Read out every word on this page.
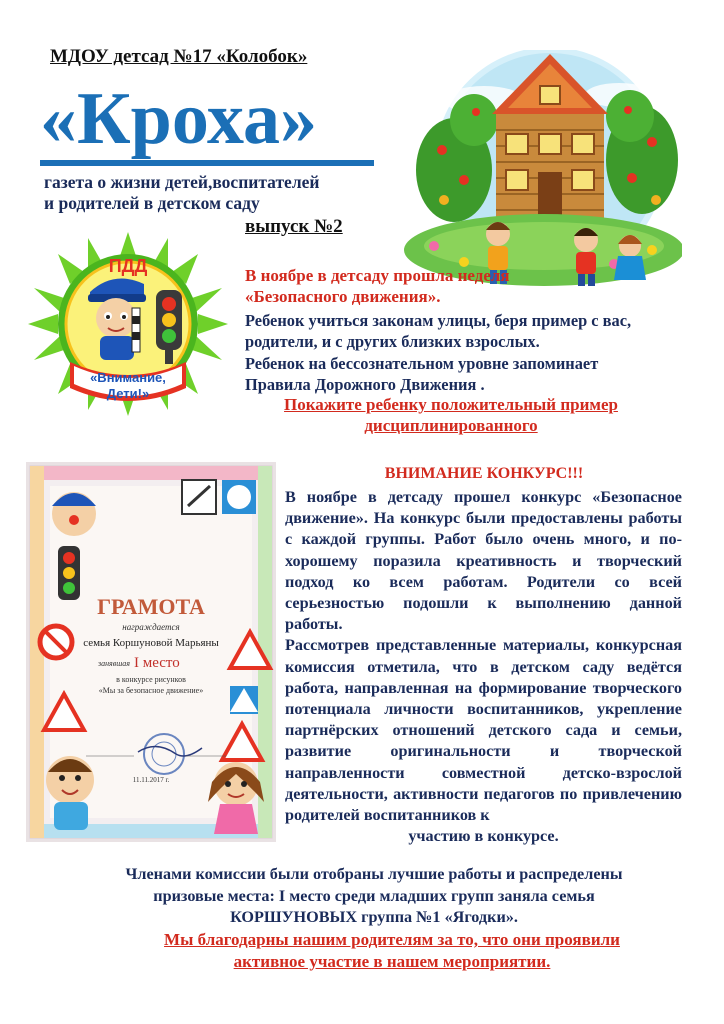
МДОУ детсад №17 «Колобок»
«Кроха»
газета о жизни детей,воспитателей
и родителей в детском саду
выпуск №2
ПДД
«Внимание,
Дети!»
В ноябре в детсаду прошла неделя
«Безопасного движения».
Ребенок учиться законам улицы, беря пример с вас,
родители, и с других близких взрослых.
Ребенок на бессознательном уровне запоминает
Правила Дорожного Движения .
Покажите ребенку положительный пример
дисциплинированного
ГРАМОТА
награждается
семья Коршуновой Марьяны
занявшая I место
в конкурсе рисунков
«Мы за безопасное движение»
11.11.2017 г.
ВНИМАНИЕ КОНКУРС!!!

В ноябре в детсаду прошел конкурс «Безопасное движение». На конкурс были предоставлены работы с каждой группы. Работ было очень много, и по-хорошему поразила креативность и творческий подход ко всем работам. Родители со всей серьезностью подошли к выполнению данной работы.

Рассмотрев представленные материалы, конкурсная комиссия отметила, что в детском саду ведётся работа, направленная на формирование творческого потенциала личности воспитанников, укрепление партнёрских отношений детского сада и семьи, развитие оригинальности и творческой направленности совместной детско-взрослой деятельности, активности педагогов по привлечению родителей воспитанников к

участию в конкурсе.

Членами комиссии были отобраны лучшие работы и распределены
призовые места: I место среди младших групп заняла семья
КОРШУНОВЫХ группа №1 «Ягодки».
Мы благодарны нашим родителям за то, что они проявили
активное участие в нашем мероприятии.
